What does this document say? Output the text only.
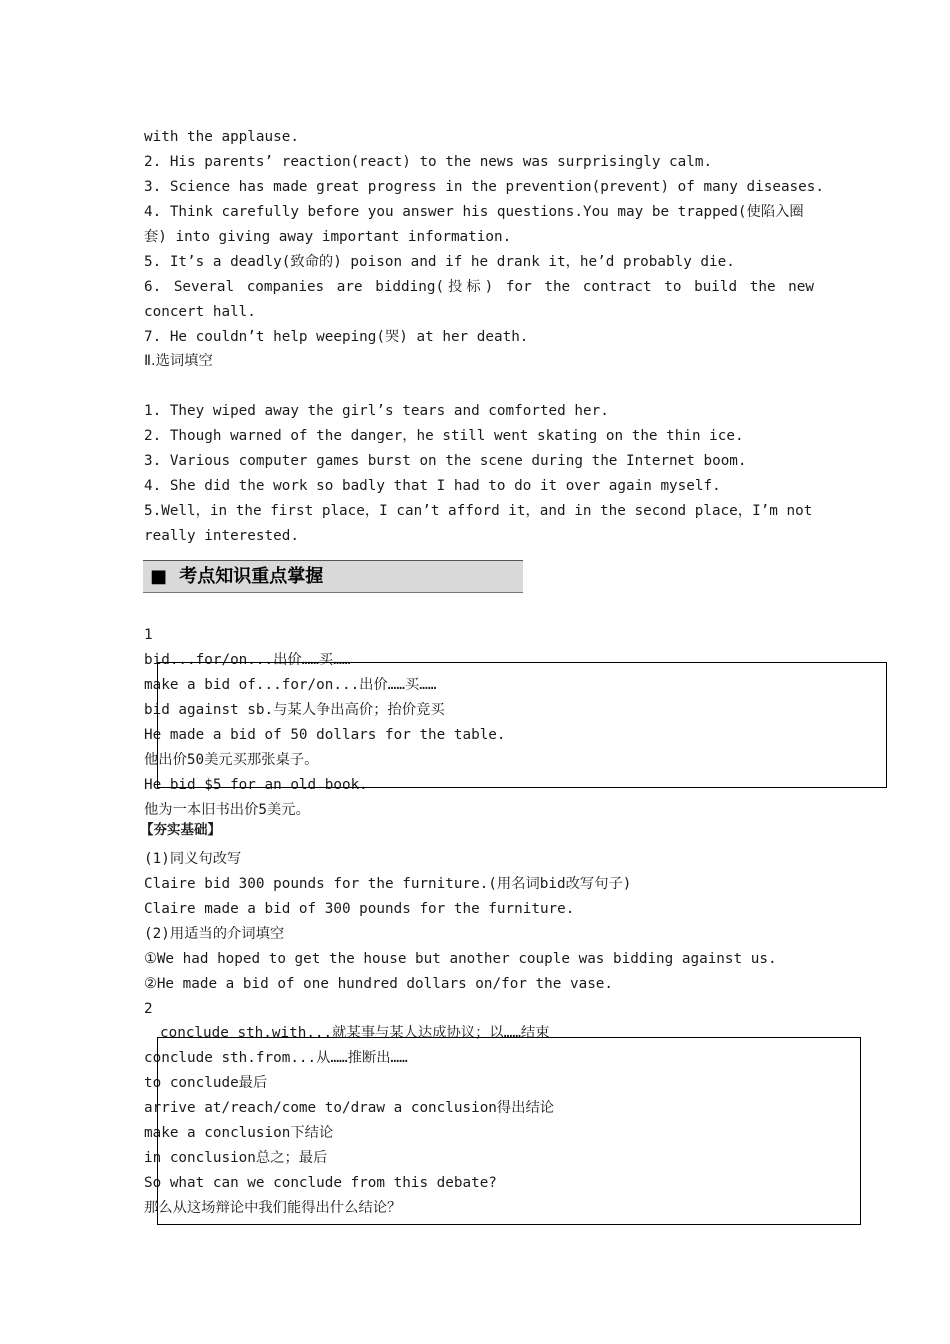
with the applause.
2. His parents’ reaction(react) to the news was surprisingly calm.
3. Science has made great progress in the prevention(prevent) of many diseases.
4. Think carefully before you answer his questions.You may be trapped(使陷入圈
套) into giving away important information.
5. It’s a deadly(致命的) poison and if he drank it，he’d probably die.
6. Several companies are bidding(投标) for the contract to build the new
concert hall.
7. He couldn’t help weeping(哭) at her death.
Ⅱ.选词填空
1. They wiped away the girl’s tears and comforted her.
2. Though warned of the danger，he still went skating on the thin ice.
3. Various computer games burst on the scene during the Internet boom.
4. She did the work so badly that I had to do it over again myself.
5.Well，in the first place，I can’t afford it，and in the second place，I’m not
really interested.
■ 考点知识重点掌握
1
bid...for/on...出价……买……
make a bid of...for/on...出价……买……
bid against sb.与某人争出高价；抬价竞买
He made a bid of 50 dollars for the table.
他出价50美元买那张桌子。
He bid $5 for an old book.
他为一本旧书出价5美元。
【夯实基础】
(1)同义句改写
Claire bid 300 pounds for the furniture.(用名词bid改写句子)
Claire made a bid of 300 pounds for the furniture.
(2)用适当的介词填空
①We had hoped to get the house but another couple was bidding against us.
②He made a bid of one hundred dollars on/for the vase.
2
conclude sth.with...就某事与某人达成协议；以……结束
conclude sth.from...从……推断出……
to conclude最后
arrive at/reach/come to/draw a conclusion得出结论
make a conclusion下结论
in conclusion总之；最后
So what can we conclude from this debate?
那么从这场辩论中我们能得出什么结论？
